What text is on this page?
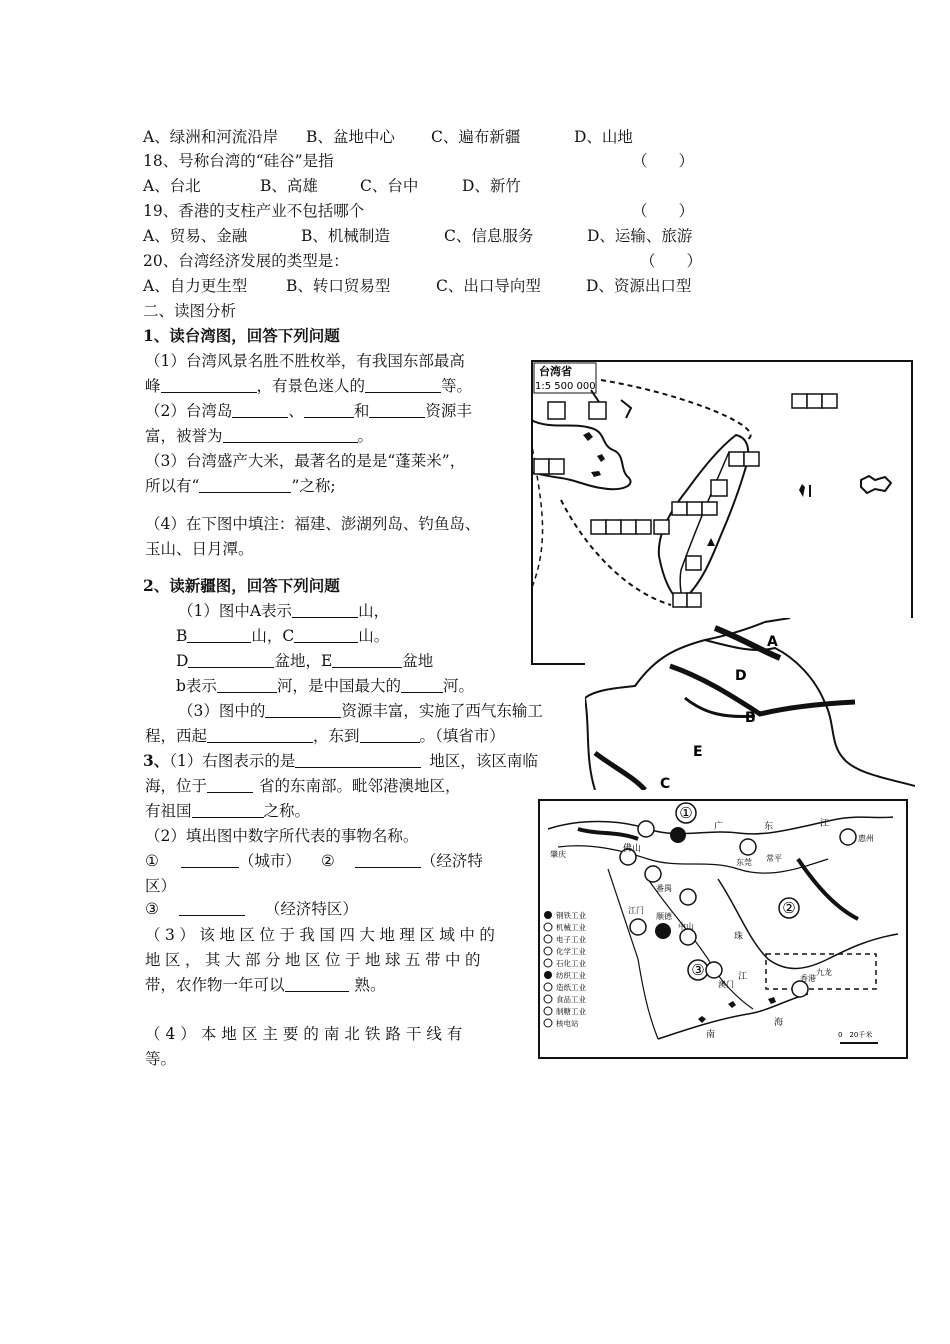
A、绿洲和河流沿岸 B、盆地中心 C、遍布新疆	D、山地
18、号称台湾的“硅谷”是指	（　　）
A、台北	B、高雄	C、台中	D、新竹
19、香港的支柱产业不包括哪个	（　　）
A、贸易、金融	B、机械制造	C、信息服务	D、运输、旅游
20、台湾经济发展的类型是：	（　　）
A、自力更生型	B、转口贸易型	C、出口导向型	D、资源出口型
二、读图分析
1、读台湾图，回答下列问题
（1）台湾风景名胜不胜枚举，有我国东部最高
峰	，有景色迷人的	等。
（2）台湾岛	、	和	资源丰
富，被誉为	。
（3）台湾盛产大米，最著名的是是“蓬莱米”，
所以有“	”之称;
（4）在下图中填注：福建、澎湖列岛、钓鱼岛、
玉山、日月潭。
2、读新疆图，回答下列问题
（1）图中A表示	山，
B	山，C	山。
D	盆地，E	盆地
b表示	河，是中国最大的	河。
（3）图中的	资源丰富，实施了西气东输工
程，西起	，东到	。（填省市）
3、（1）右图表示的是	地区，该区南临
海，位于	省的东南部。毗邻港澳地区，
有祖国	之称。
（2）填出图中数字所代表的事物名称。
①	（城市） ②	（经济特
区）
③	（经济特区）
（3）该地区位于我国四大地理区域中的
地区，其大部分地区位于地球五带中的
带，农作物一年可以	熟。
（4）本地区主要的南北铁路干线有
等。
台湾省
1:5 500 000
A
D
B
E
C
①
②
③
佛山
广	东	江
惠州
肇庆
番禺
东莞 常平
顺德
江门
中山
珠
江
澳门
香港
九龙
南
海
钢铁工业
机械工业
电子工业
化学工业
石化工业
纺织工业
造纸工业
食品工业
制糖工业
核电站
0　20千米
